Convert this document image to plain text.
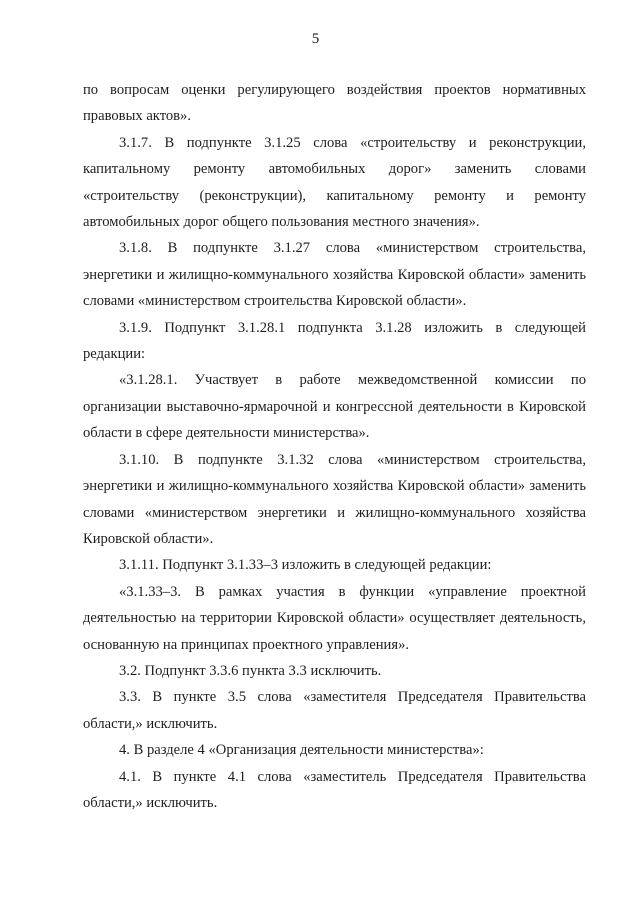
5

по вопросам оценки регулирующего воздействия проектов нормативных правовых актов».

3.1.7. В подпункте 3.1.25 слова «строительству и реконструкции, капитальному ремонту автомобильных дорог» заменить словами «строительству (реконструкции), капитальному ремонту и ремонту автомобильных дорог общего пользования местного значения».

3.1.8. В подпункте 3.1.27 слова «министерством строительства, энергетики и жилищно-коммунального хозяйства Кировской области» заменить словами «министерством строительства Кировской области».

3.1.9. Подпункт 3.1.28.1 подпункта 3.1.28 изложить в следующей редакции:

«3.1.28.1. Участвует в работе межведомственной комиссии по организации выставочно-ярмарочной и конгрессной деятельности в Кировской области в сфере деятельности министерства».

3.1.10. В подпункте 3.1.32 слова «министерством строительства, энергетики и жилищно-коммунального хозяйства Кировской области» заменить словами «министерством энергетики и жилищно-коммунального хозяйства Кировской области».

3.1.11. Подпункт 3.1.33–3 изложить в следующей редакции:

«3.1.33–3. В рамках участия в функции «управление проектной деятельностью на территории Кировской области» осуществляет деятельность, основанную на принципах проектного управления».

3.2. Подпункт 3.3.6 пункта 3.3 исключить.

3.3. В пункте 3.5 слова «заместителя Председателя Правительства области,» исключить.

4. В разделе 4 «Организация деятельности министерства»:

4.1. В пункте 4.1 слова «заместитель Председателя Правительства области,» исключить.
